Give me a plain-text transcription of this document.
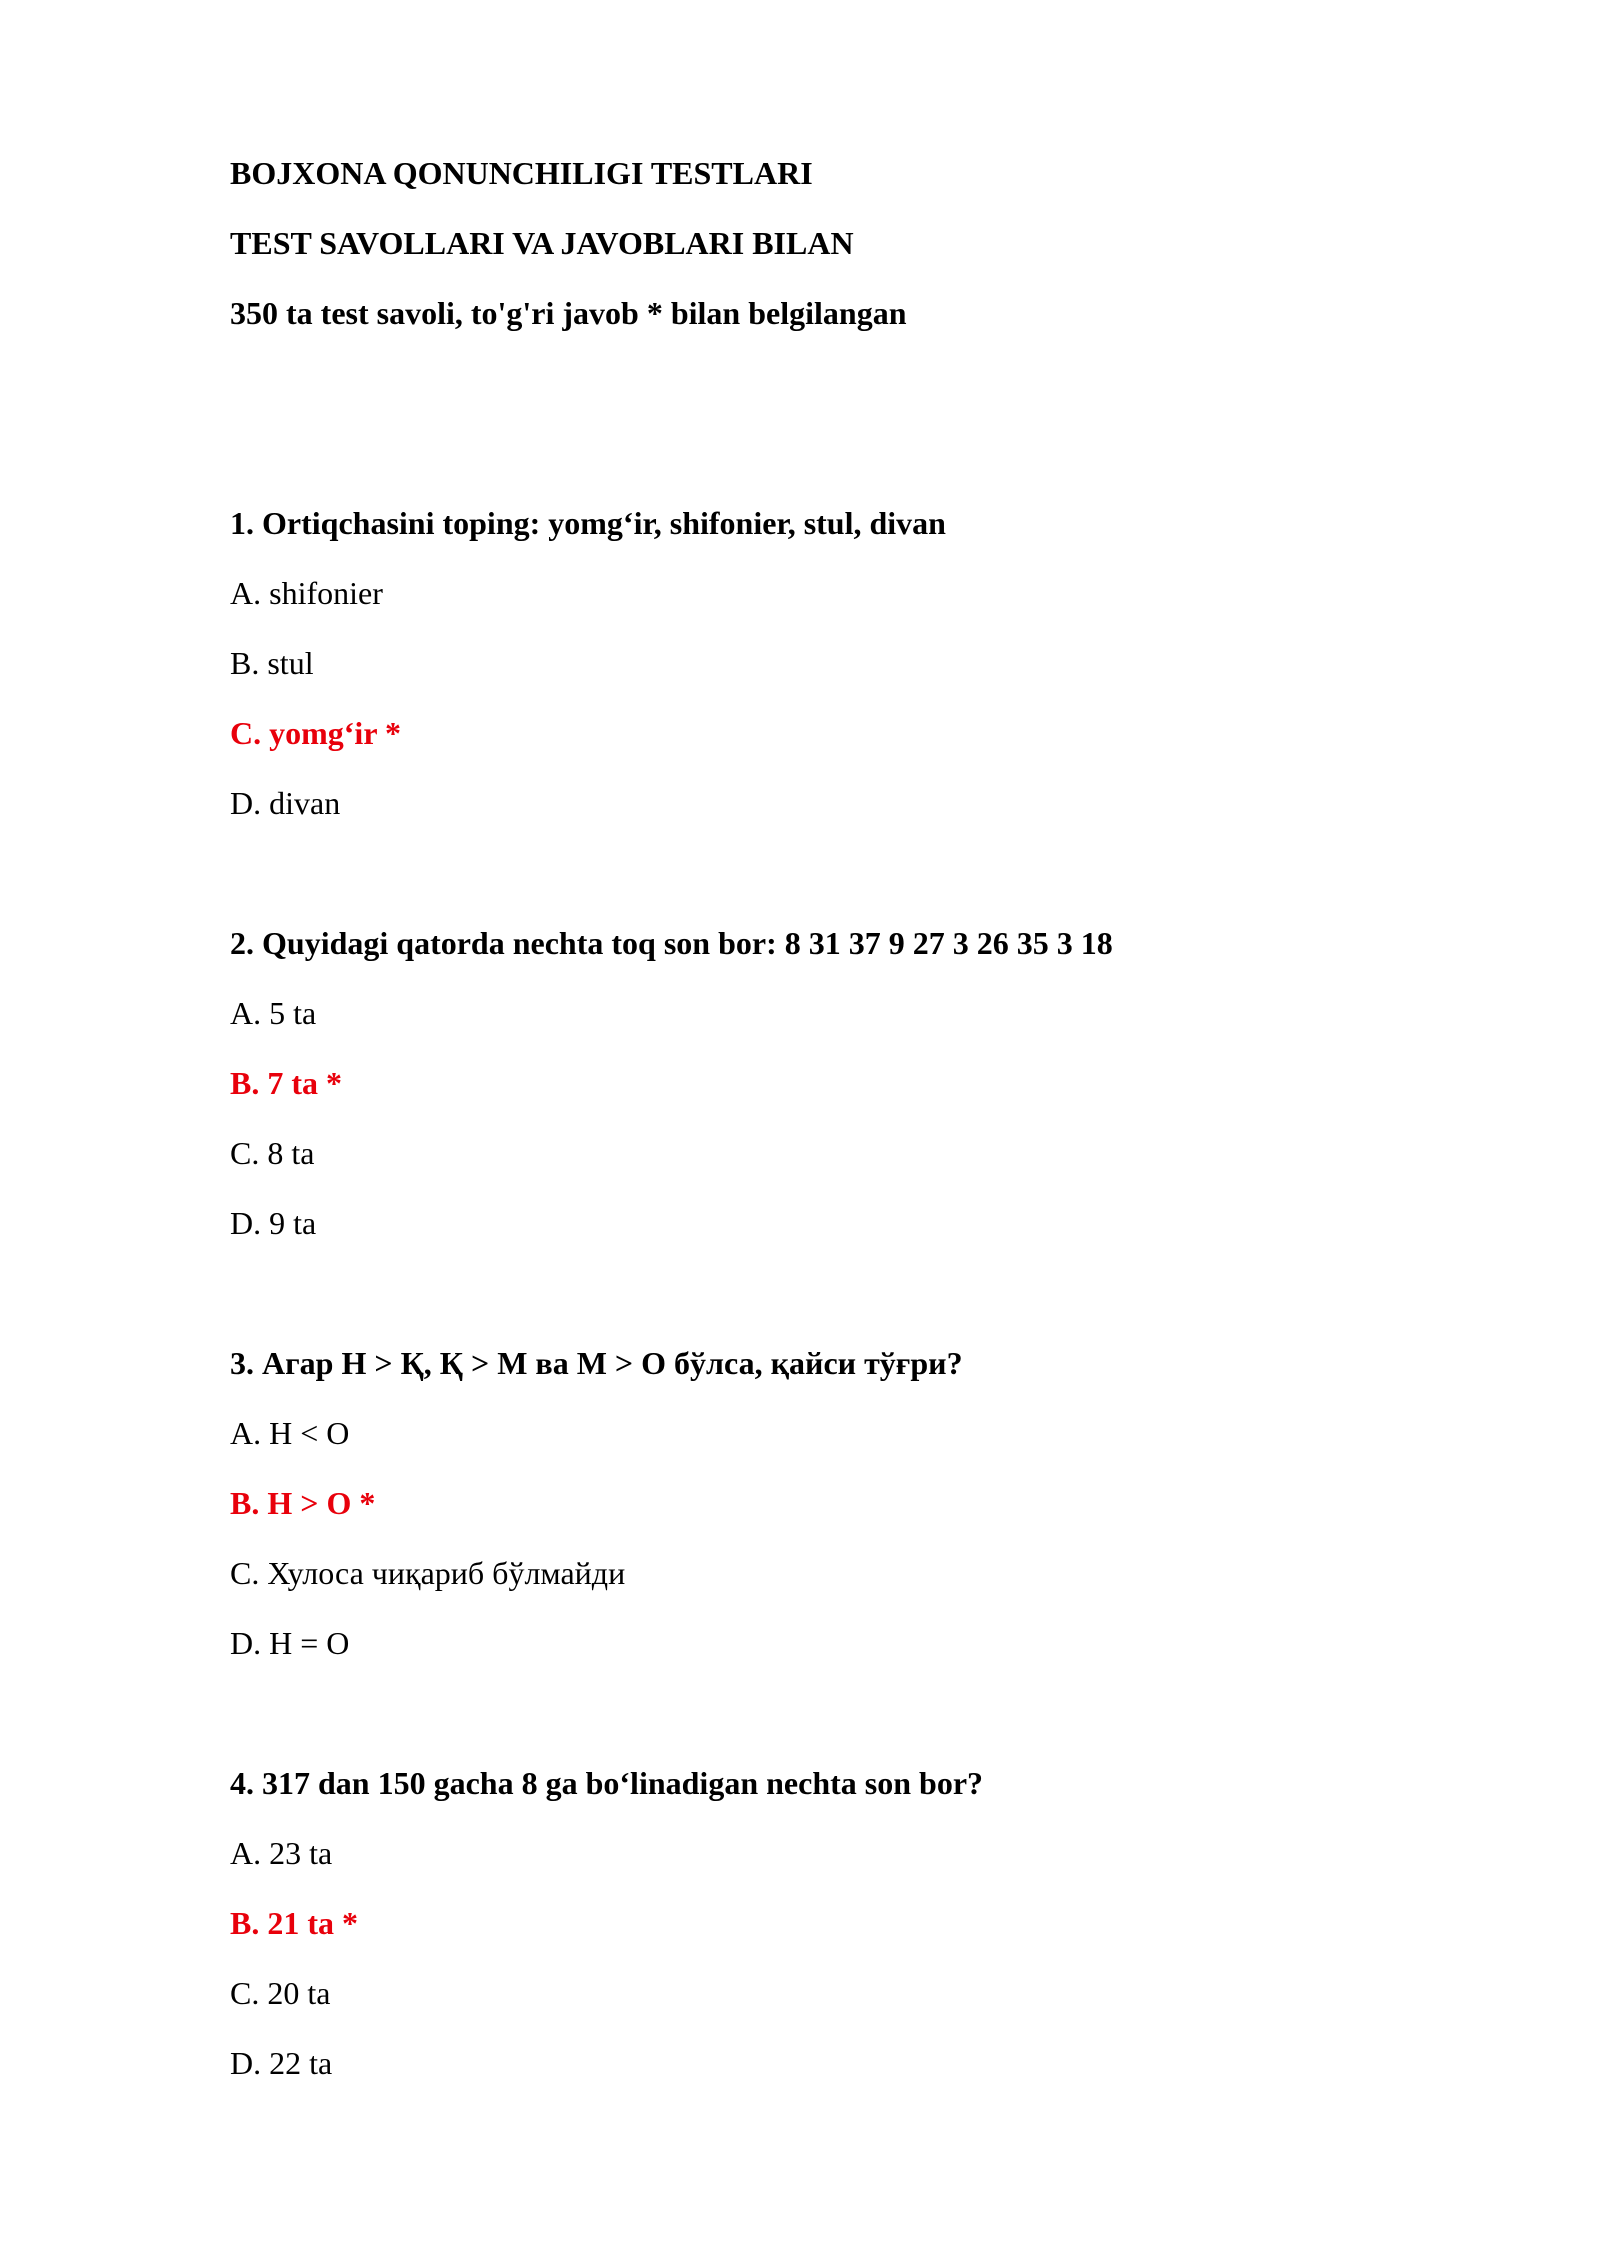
BOJXONA QONUNCHILIGI TESTLARI

TEST SAVOLLARI VA JAVOBLARI BILAN

350 ta test savoli, to'g'ri javob * bilan belgilangan

1. Ortiqchasini toping: yomg‘ir, shifonier, stul, divan

A. shifonier

B. stul

C. yomg‘ir *

D. divan

2. Quyidagi qatorda nechta toq son bor: 8 31 37 9 27 3 26 35 3 18

A. 5 ta

B. 7 ta *

C. 8 ta

D. 9 ta

3. Агар Н > Қ, Қ > М ва М > О бўлса, қайси тўғри?

A. Н < О

B. Н > О *

C. Хулоса чиқариб бўлмайди

D. Н = О

4. 317 dan 150 gacha 8 ga bo‘linadigan nechta son bor?

A. 23 ta

B. 21 ta *

C. 20 ta

D. 22 ta
